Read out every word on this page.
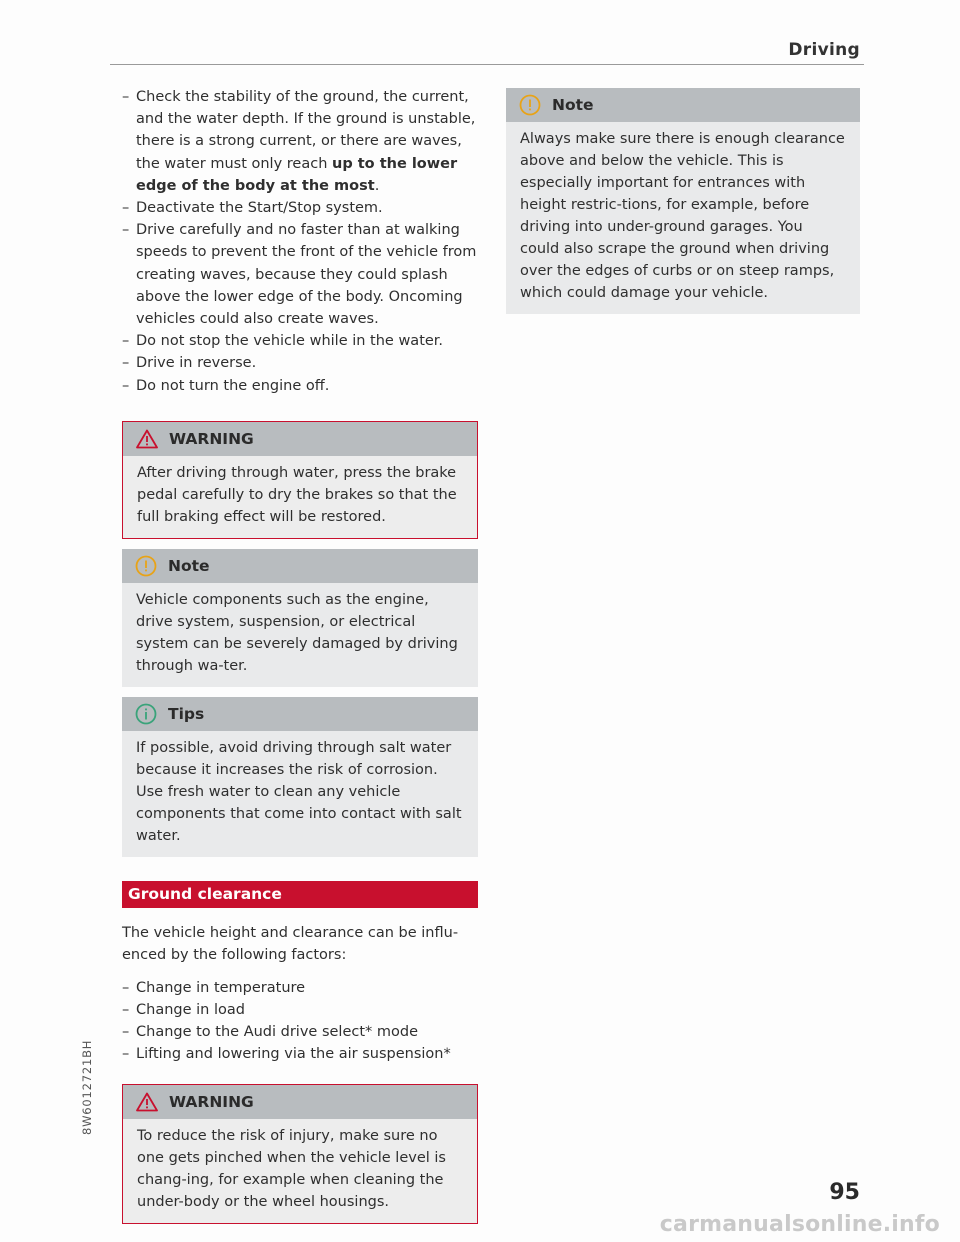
Driving
– Check the stability of the ground, the current, and the water depth. If the ground is unstable, there is a strong current, or there are waves, the water must only reach up to the lower edge of the body at the most.
– Deactivate the Start/Stop system.
– Drive carefully and no faster than at walking speeds to prevent the front of the vehicle from creating waves, because they could splash above the lower edge of the body. Oncoming vehicles could also create waves.
– Do not stop the vehicle while in the water.
– Drive in reverse.
– Do not turn the engine off.
WARNING
After driving through water, press the brake pedal carefully to dry the brakes so that the full braking effect will be restored.
Note
Vehicle components such as the engine, drive system, suspension, or electrical system can be severely damaged by driving through wa-ter.
Tips
If possible, avoid driving through salt water because it increases the risk of corrosion. Use fresh water to clean any vehicle components that come into contact with salt water.
Ground clearance

The vehicle height and clearance can be influ-enced by the following factors:

– Change in temperature
– Change in load
– Change to the Audi drive select* mode
– Lifting and lowering via the air suspension*
WARNING
To reduce the risk of injury, make sure no one gets pinched when the vehicle level is chang-ing, for example when cleaning the under-body or the wheel housings.
Note
Always make sure there is enough clearance above and below the vehicle. This is especially important for entrances with height restric-tions, for example, before driving into under-ground garages. You could also scrape the ground when driving over the edges of curbs or on steep ramps, which could damage your vehicle.
8W6012721BH
95
carmanualsonline.info
